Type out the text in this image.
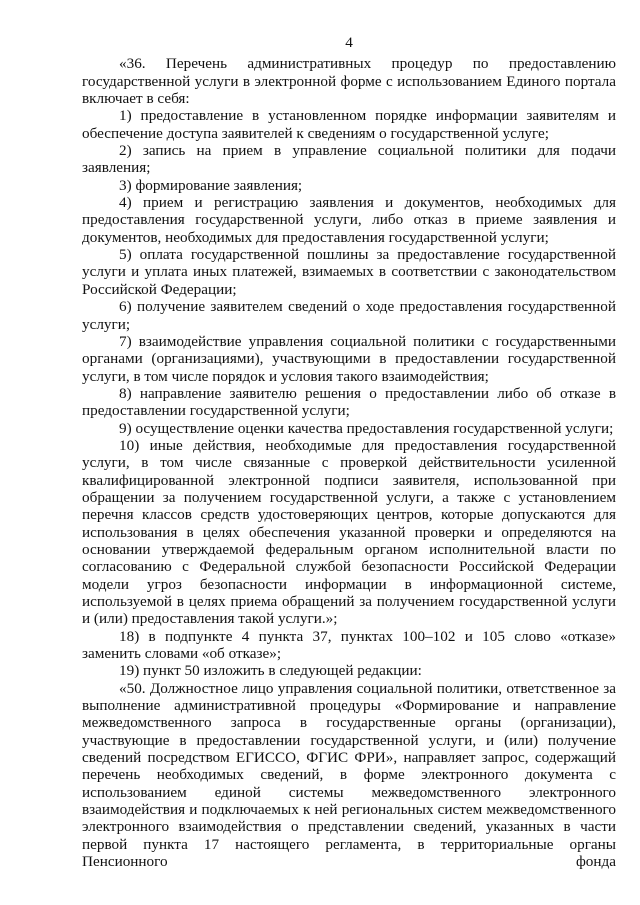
4

«36. Перечень административных процедур по предоставлению государственной услуги в электронной форме с использованием Единого портала включает в себя:

1) предоставление в установленном порядке информации заявителям и обеспечение доступа заявителей к сведениям о государственной услуге;

2) запись на прием в управление социальной политики для подачи заявления;

3) формирование заявления;

4) прием и регистрацию заявления и документов, необходимых для предоставления государственной услуги, либо отказ в приеме заявления и документов, необходимых для предоставления государственной услуги;

5) оплата государственной пошлины за предоставление государственной услуги и уплата иных платежей, взимаемых в соответствии с законодательством Российской Федерации;

6) получение заявителем сведений о ходе предоставления государственной услуги;

7) взаимодействие управления социальной политики с государственными органами (организациями), участвующими в предоставлении государственной услуги, в том числе порядок и условия такого взаимодействия;

8) направление заявителю решения о предоставлении либо об отказе в предоставлении государственной услуги;

9) осуществление оценки качества предоставления государственной услуги;

10) иные действия, необходимые для предоставления государственной услуги, в том числе связанные с проверкой действительности усиленной квалифицированной электронной подписи заявителя, использованной при обращении за получением государственной услуги, а также с установлением перечня классов средств удостоверяющих центров, которые допускаются для использования в целях обеспечения указанной проверки и определяются на основании утверждаемой федеральным органом исполнительной власти по согласованию с Федеральной службой безопасности Российской Федерации модели угроз безопасности информации в информационной системе, используемой в целях приема обращений за получением государственной услуги и (или) предоставления такой услуги.»;

18) в подпункте 4 пункта 37, пунктах 100–102 и 105 слово «отказе» заменить словами «об отказе»;

19) пункт 50 изложить в следующей редакции:

«50. Должностное лицо управления социальной политики, ответственное за выполнение административной процедуры «Формирование и направление межведомственного запроса в государственные органы (организации), участвующие в предоставлении государственной услуги, и (или) получение сведений посредством ЕГИССО, ФГИС ФРИ», направляет запрос, содержащий перечень необходимых сведений, в форме электронного документа с использованием единой системы межведомственного электронного взаимодействия и подключаемых к ней региональных систем межведомственного электронного взаимодействия о представлении сведений, указанных в части первой пункта 17 настоящего регламента, в территориальные органы Пенсионного фонда
